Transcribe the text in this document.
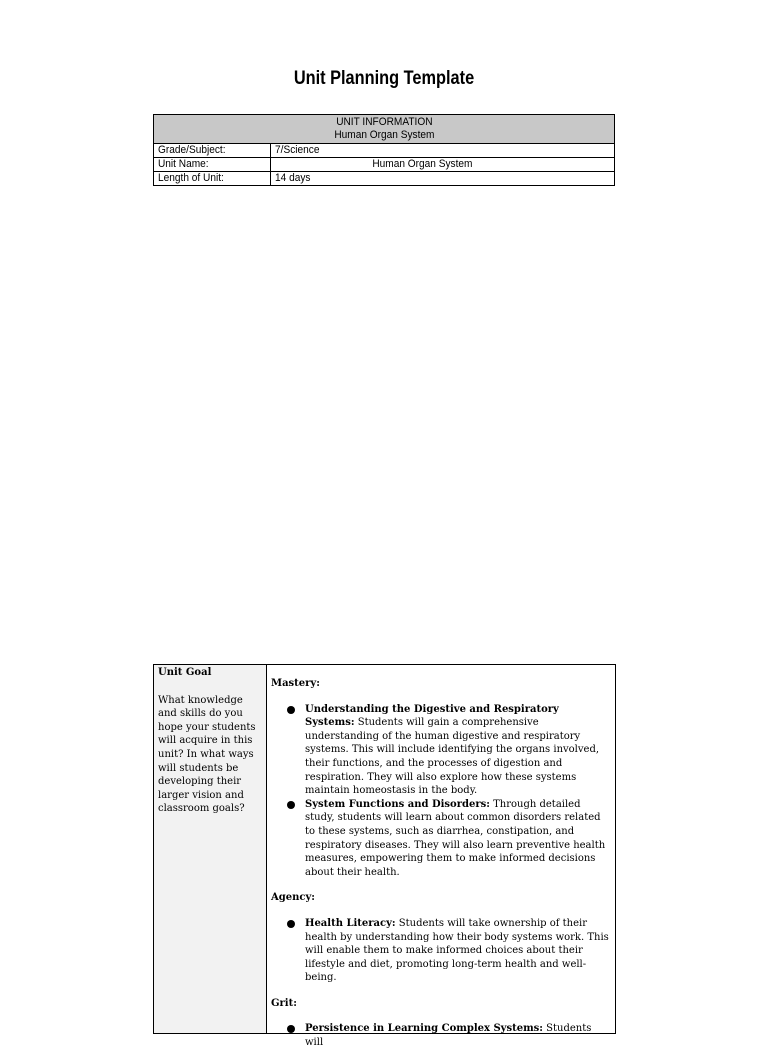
Unit Planning Template
UNIT INFORMATION
Human Organ System
Grade/Subject:	7/Science
Unit Name:	Human Organ System
Length of Unit:	14 days
Unit Goal
What knowledge and skills do you hope your students will acquire in this unit? In what ways will students be developing their larger vision and classroom goals?
Mastery:
Understanding the Digestive and Respiratory Systems: Students will gain a comprehensive understanding of the human digestive and respiratory systems. This will include identifying the organs involved, their functions, and the processes of digestion and respiration. They will also explore how these systems maintain homeostasis in the body.
System Functions and Disorders: Through detailed study, students will learn about common disorders related to these systems, such as diarrhea, constipation, and respiratory diseases. They will also learn preventive health measures, empowering them to make informed decisions about their health.
Agency:
Health Literacy: Students will take ownership of their health by understanding how their body systems work. This will enable them to make informed choices about their lifestyle and diet, promoting long-term health and well-being.
Grit:
Persistence in Learning Complex Systems: Students will
